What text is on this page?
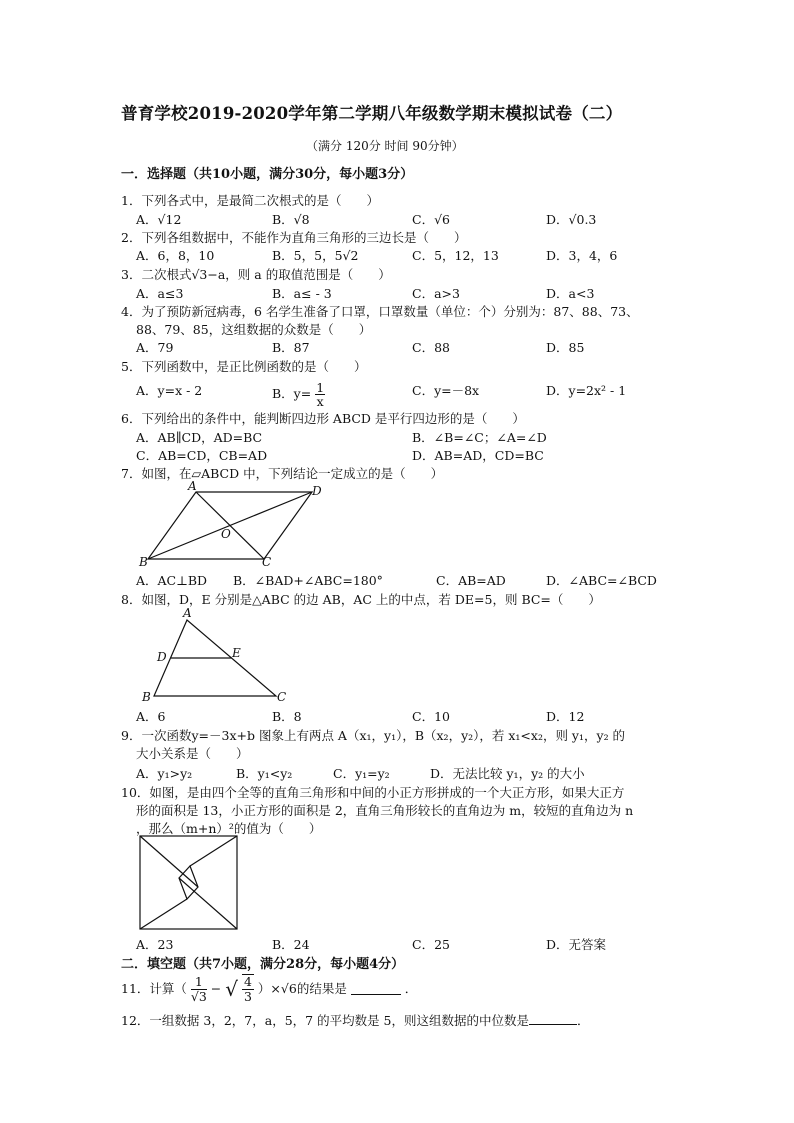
普育学校2019-2020学年第二学期八年级数学期末模拟试卷（二）
（满分 120分 时间 90分钟）
一．选择题（共10小题，满分30分，每小题3分）
1．下列各式中，是最简二次根式的是（　　）
A．√12	B．√8	C．√6	D．√0.3
2．下列各组数据中，不能作为直角三角形的三边长是（　　）
A．6，8，10	B．5，5，5√2	C．5，12，13	D．3，4，6
3．二次根式√3−a，则 a 的取值范围是（　　）
A．a≤3	B．a≤ - 3	C．a>3	D．a<3
4．为了预防新冠病毒，6 名学生准备了口罩，口罩数量（单位：个）分别为：87、88、73、
88、79、85，这组数据的众数是（　　）
A．79	B．87	C．88	D．85
5．下列函数中，是正比例函数的是（　　）
A．y=x - 2	B．$y= \frac{1}{x}$	C．y=－8x	D．y=2x² - 1
6．下列给出的条件中，能判断四边形 ABCD 是平行四边形的是（　　）
A．AB∥CD，AD=BC	B．∠B=∠C；∠A=∠D
C．AB=CD，CB=AD	D．AB=AD，CD=BC
7．如图，在▱ABCD 中，下列结论一定成立的是（　　）
A	D
B	C
O
A．AC⊥BD B．∠BAD+∠ABC=180°	C．AB=AD	D．∠ABC=∠BCD
8．如图，D，E 分别是△ABC 的边 AB，AC 上的中点，若 DE=5，则 BC=（　　）
A
D	E
B	C
A．6	B．8	C．10	D．12
9．一次函数y=－3x+b 图象上有两点 A（x₁，y₁），B（x₂，y₂），若 x₁<x₂，则 y₁，y₂ 的
大小关系是（　　）
A．y₁>y₂	B．y₁<y₂	C．y₁=y₂	D．无法比较 y₁，y₂ 的大小
10．如图，是由四个全等的直角三角形和中间的小正方形拼成的一个大正方形，如果大正方
形的面积是 13，小正方形的面积是 2，直角三角形较长的直角边为 m，较短的直角边为 n
，那么（m+n）²的值为（　　）
A．23	B．24	C．25	D．无答案
二．填空题（共7小题，满分28分，每小题4分）
11．计算（ $\frac{1}{√3}$ − √ $\frac{4}{3} )\times√6$的结果是	．
12．一组数据 3，2，7，a，5，7 的平均数是 5，则这组数据的中位数是	．
